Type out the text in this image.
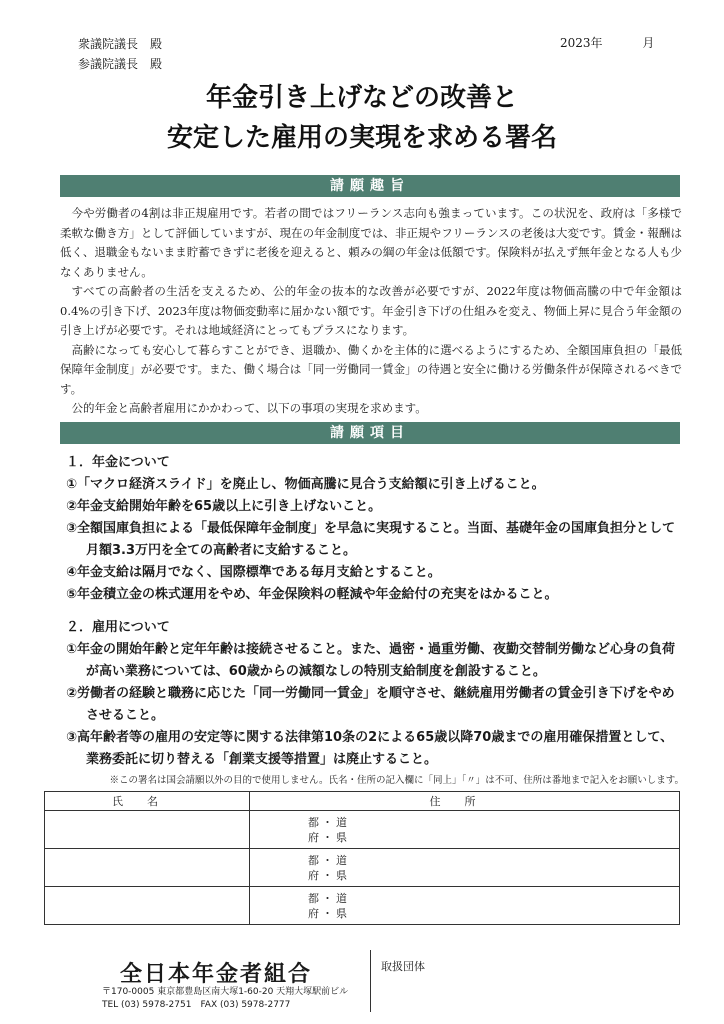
衆議院議長　殿
参議院議長　殿
2023年	月
年金引き上げなどの改善と
安定した雇用の実現を求める署名
請願趣旨

今や労働者の4割は非正規雇用です。若者の間ではフリーランス志向も強まっています。この状況を、政府は「多様で柔軟な働き方」として評価していますが、現在の年金制度では、非正規やフリーランスの老後は大変です。賃金・報酬は低く、退職金もないまま貯蓄できずに老後を迎えると、頼みの綱の年金は低額です。保険料が払えず無年金となる人も少なくありません。

すべての高齢者の生活を支えるため、公的年金の抜本的な改善が必要ですが、2022年度は物価高騰の中で年金額は0.4%の引き下げ、2023年度は物価変動率に届かない額です。年金引き下げの仕組みを変え、物価上昇に見合う年金額の引き上げが必要です。それは地域経済にとってもプラスになります。

高齢になっても安心して暮らすことができ、退職か、働くかを主体的に選べるようにするため、全額国庫負担の「最低保障年金制度」が必要です。また、働く場合は「同一労働同一賃金」の待遇と安全に働ける労働条件が保障されるべきです。

公的年金と高齢者雇用にかかわって、以下の事項の実現を求めます。

請願項目
１．年金について
①「マクロ経済スライド」を廃止し、物価高騰に見合う支給額に引き上げること。
②年金支給開始年齢を65歳以上に引き上げないこと。
③全額国庫負担による「最低保障年金制度」を早急に実現すること。当面、基礎年金の国庫負担分として月額3.3万円を全ての高齢者に支給すること。
④年金支給は隔月でなく、国際標準である毎月支給とすること。
⑤年金積立金の株式運用をやめ、年金保険料の軽減や年金給付の充実をはかること。
２．雇用について
①年金の開始年齢と定年年齢は接続させること。また、過密・過重労働、夜勤交替制労働など心身の負荷が高い業務については、60歳からの減額なしの特別支給制度を創設すること。
②労働者の経験と職務に応じた「同一労働同一賃金」を順守させ、継続雇用労働者の賃金引き下げをやめさせること。
③高年齢者等の雇用の安定等に関する法律第10条の2による65歳以降70歳までの雇用確保措置として、業務委託に切り替える「創業支援等措置」は廃止すること。
※この署名は国会請願以外の目的で使用しません。氏名・住所の記入欄に「同上」「〃」は不可、住所は番地まで記入をお願いします。
氏名	住所

	都・道
府・県

	都・道
府・県

	都・道
府・県
全日本年金者組合
〒170-0005 東京都豊島区南大塚1-60-20 天翔大塚駅前ビル
TEL (03) 5978-2751　FAX (03) 5978-2777
取扱団体
